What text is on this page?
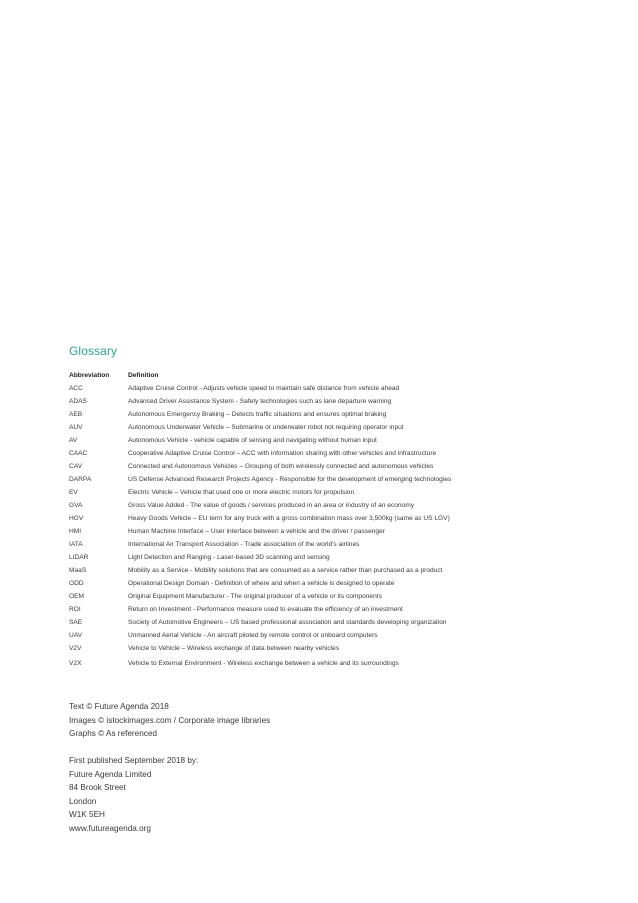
Glossary
Abbreviation	Definition
ACC	Adaptive Cruise Control - Adjusts vehicle speed to maintain safe distance from vehicle ahead
ADAS	Advanced Driver Assistance System - Safety technologies such as lane departure warning
AEB	Autonomous Emergency Braking – Detects traffic situations and ensures optimal braking
AUV	Autonomous Underwater Vehicle – Submarine or underwater robot not requiring operator input
AV	Autonomous Vehicle - vehicle capable of sensing and navigating without human input
CAAC	Cooperative Adaptive Cruise Control – ACC with information sharing with other vehicles and infrastructure
CAV	Connected and Autonomous Vehicles – Grouping of both wirelessly connected and autonomous vehicles
DARPA	US Defense Advanced Research Projects Agency - Responsible for the development of emerging technologies
EV	Electric Vehicle – Vehicle that used one or more electric motors for propulsion
GVA	Gross Value Added - The value of goods / services produced in an area or industry of an economy
HGV	Heavy Goods Vehicle – EU term for any truck with a gross combination mass over 3,500kg (same as US LGV)
HMI	Human Machine Interface – User interface between a vehicle and the driver / passenger
IATA	International Air Transport Association - Trade association of the world's airlines
LIDAR	Light Detection and Ranging - Laser-based 3D scanning and sensing
MaaS	Mobility as a Service - Mobility solutions that are consumed as a service rather than purchased as a product
ODD	Operational Design Domain - Definition of where and when a vehicle is designed to operate
OEM	Original Equipment Manufacturer - The original producer of a vehicle or its components
ROI	Return on Investment - Performance measure used to evaluate the efficiency of an investment
SAE	Society of Automotive Engineers – US based professional association and standards developing organization
UAV	Unmanned Aerial Vehicle - An aircraft piloted by remote control or onboard computers
V2V	Vehicle to Vehicle – Wireless exchange of data between nearby vehicles
V2X	Vehicle to External Environment - Wireless exchange between a vehicle and its surroundings
Text © Future Agenda 2018
Images © istockimages.com / Corporate image libraries
Graphs © As referenced
First published September 2018 by:
Future Agenda Limited
84 Brook Street
London
W1K 5EH
www.futureagenda.org
